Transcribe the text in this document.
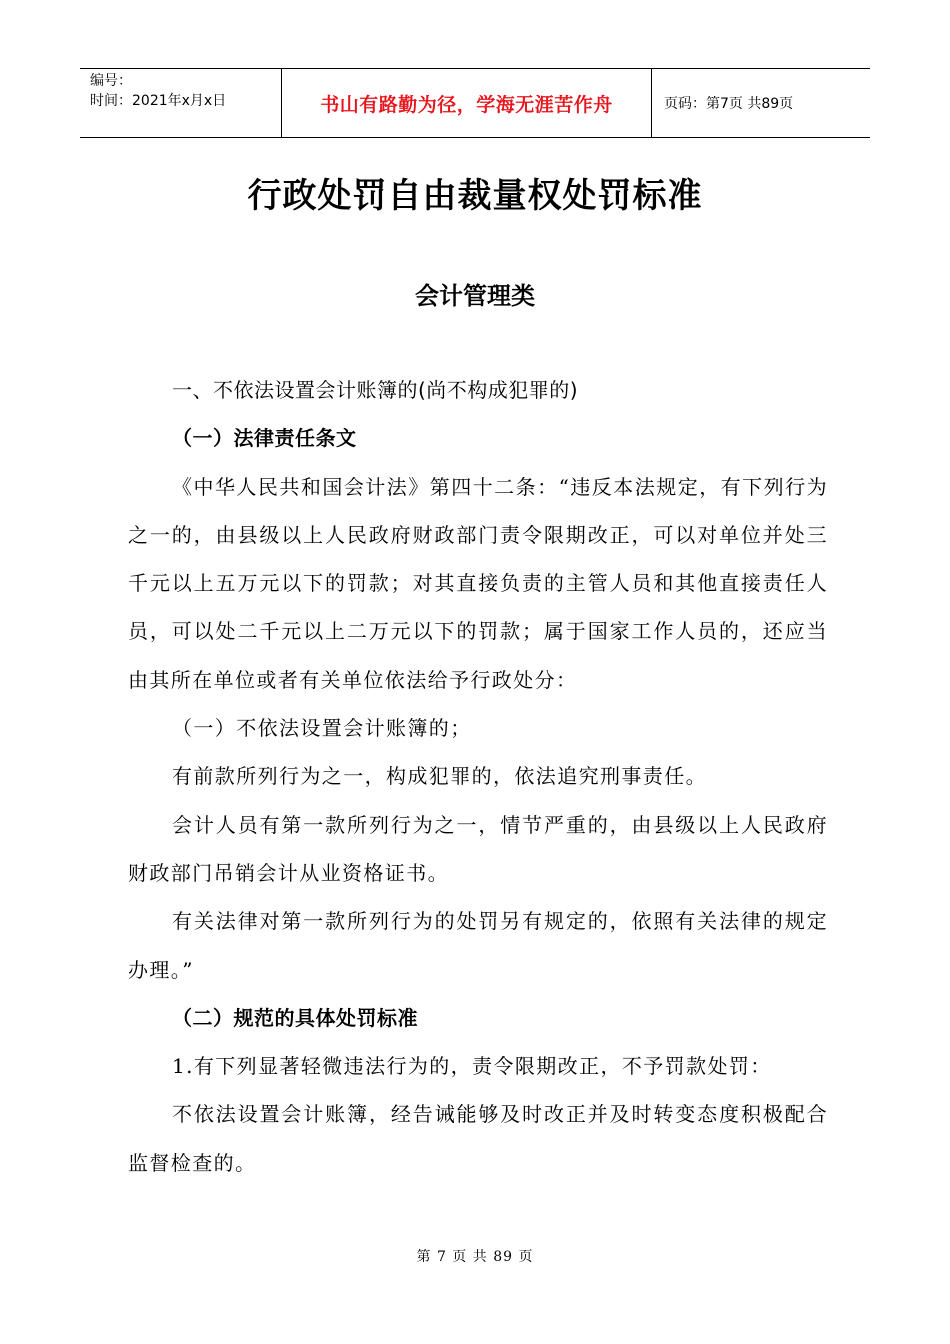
编号：
时间：2021年x月x日	书山有路勤为径，学海无涯苦作舟	页码：第7页 共89页
行政处罚自由裁量权处罚标准
会计管理类

一、不依法设置会计账簿的(尚不构成犯罪的)

（一）法律责任条文

《中华人民共和国会计法》第四十二条：“违反本法规定，有下列行为之一的，由县级以上人民政府财政部门责令限期改正，可以对单位并处三千元以上五万元以下的罚款；对其直接负责的主管人员和其他直接责任人员，可以处二千元以上二万元以下的罚款；属于国家工作人员的，还应当由其所在单位或者有关单位依法给予行政处分：

（一）不依法设置会计账簿的；

有前款所列行为之一，构成犯罪的，依法追究刑事责任。

会计人员有第一款所列行为之一，情节严重的，由县级以上人民政府财政部门吊销会计从业资格证书。

有关法律对第一款所列行为的处罚另有规定的，依照有关法律的规定办理。”

（二）规范的具体处罚标准

1.有下列显著轻微违法行为的，责令限期改正，不予罚款处罚：

不依法设置会计账簿，经告诫能够及时改正并及时转变态度积极配合监督检查的。

第 7 页 共 89 页
